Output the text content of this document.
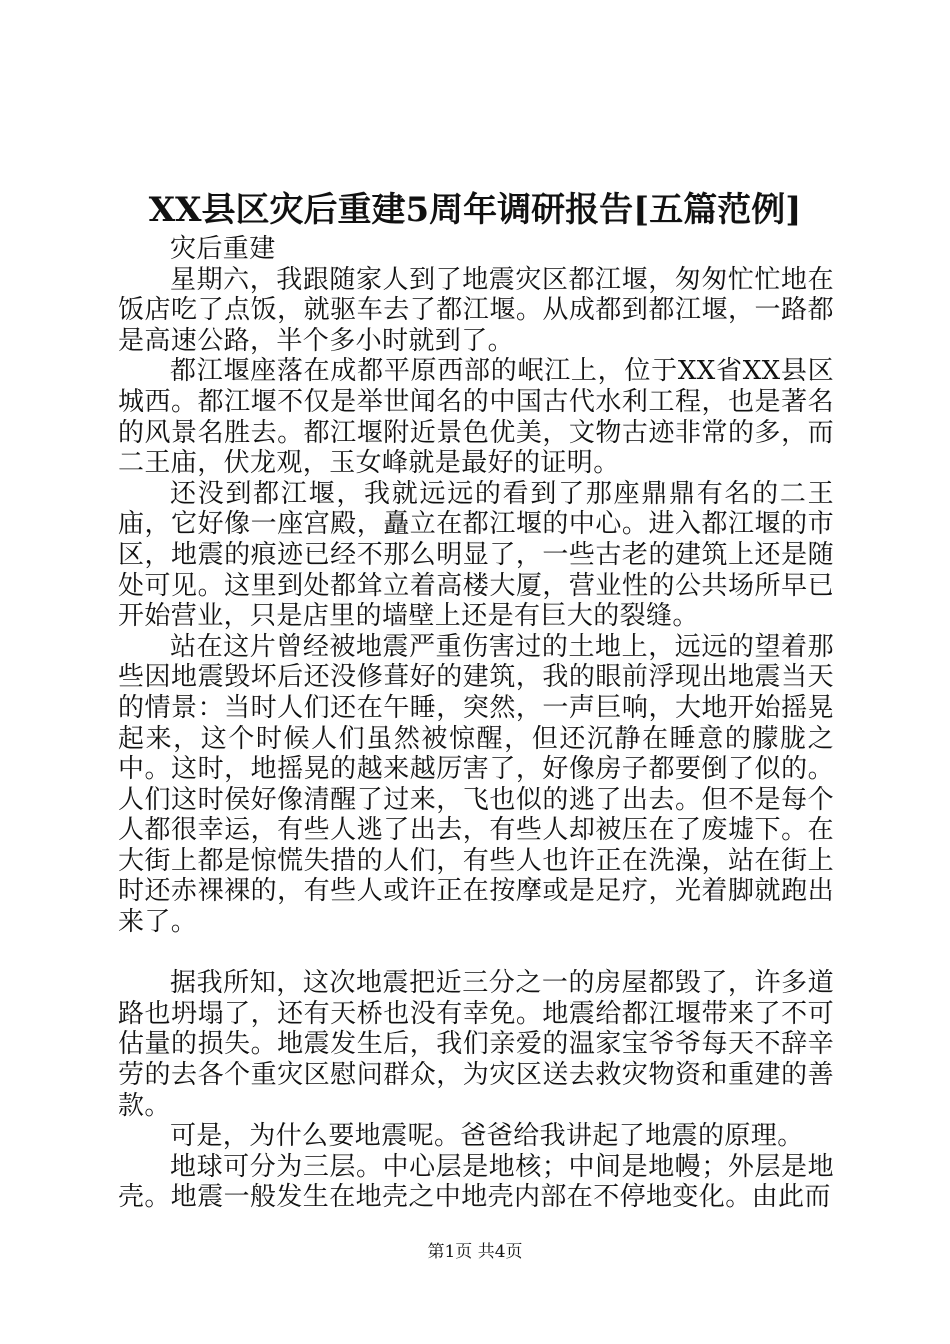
XX县区灾后重建5周年调研报告[五篇范例]

灾后重建

星期六，我跟随家人到了地震灾区都江堰，匆匆忙忙地在饭店吃了点饭，就驱车去了都江堰。从成都到都江堰，一路都是高速公路，半个多小时就到了。

都江堰座落在成都平原西部的岷江上，位于XX省XX县区城西。都江堰不仅是举世闻名的中国古代水利工程，也是著名的风景名胜去。都江堰附近景色优美，文物古迹非常的多，而二王庙，伏龙观，玉女峰就是最好的证明。

还没到都江堰，我就远远的看到了那座鼎鼎有名的二王庙，它好像一座宫殿，矗立在都江堰的中心。进入都江堰的市区，地震的痕迹已经不那么明显了，一些古老的建筑上还是随处可见。这里到处都耸立着高楼大厦，营业性的公共场所早已开始营业，只是店里的墙壁上还是有巨大的裂缝。

站在这片曾经被地震严重伤害过的土地上，远远的望着那些因地震毁坏后还没修葺好的建筑，我的眼前浮现出地震当天的情景：当时人们还在午睡，突然，一声巨响，大地开始摇晃起来，这个时候人们虽然被惊醒，但还沉静在睡意的朦胧之中。这时，地摇晃的越来越厉害了，好像房子都要倒了似的。人们这时侯好像清醒了过来，飞也似的逃了出去。但不是每个人都很幸运，有些人逃了出去，有些人却被压在了废墟下。在大街上都是惊慌失措的人们，有些人也许正在洗澡，站在街上时还赤裸裸的，有些人或许正在按摩或是足疗，光着脚就跑出来了。

据我所知，这次地震把近三分之一的房屋都毁了，许多道路也坍塌了，还有天桥也没有幸免。地震给都江堰带来了不可估量的损失。地震发生后，我们亲爱的温家宝爷爷每天不辞辛劳的去各个重灾区慰问群众，为灾区送去救灾物资和重建的善款。

可是，为什么要地震呢。爸爸给我讲起了地震的原理。

地球可分为三层。中心层是地核；中间是地幔；外层是地壳。地震一般发生在地壳之中地壳内部在不停地变化。由此而

第1页 共4页
